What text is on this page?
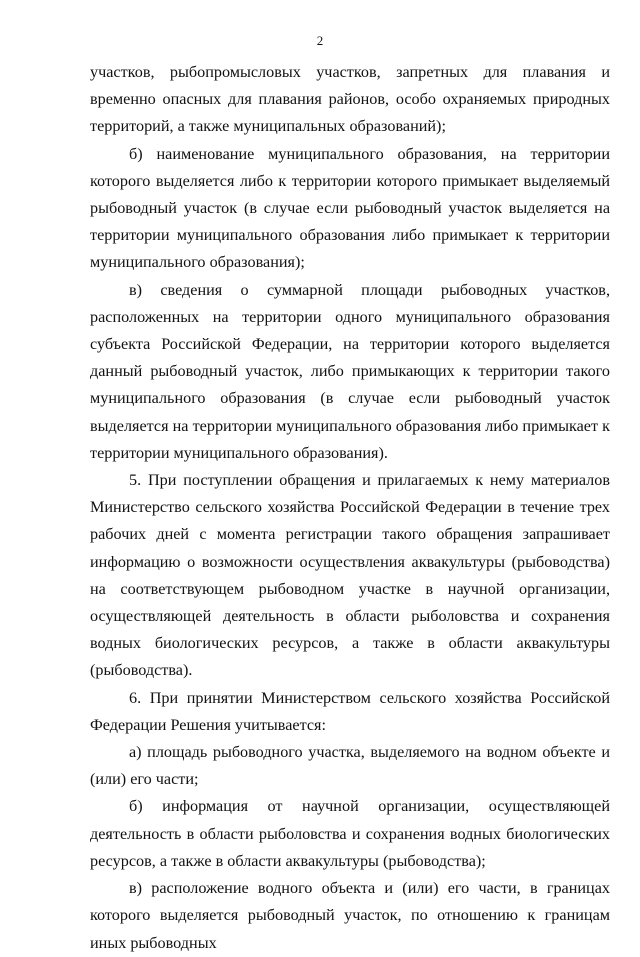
2

участков, рыбопромысловых участков, запретных для плавания и временно опасных для плавания районов, особо охраняемых природных территорий, а также муниципальных образований);

б) наименование муниципального образования, на территории которого выделяется либо к территории которого примыкает выделяемый рыбоводный участок (в случае если рыбоводный участок выделяется на территории муниципального образования либо примыкает к территории муниципального образования);

в) сведения о суммарной площади рыбоводных участков, расположенных на территории одного муниципального образования субъекта Российской Федерации, на территории которого выделяется данный рыбоводный участок, либо примыкающих к территории такого муниципального образования (в случае если рыбоводный участок выделяется на территории муниципального образования либо примыкает к территории муниципального образования).

5. При поступлении обращения и прилагаемых к нему материалов Министерство сельского хозяйства Российской Федерации в течение трех рабочих дней с момента регистрации такого обращения запрашивает информацию о возможности осуществления аквакультуры (рыбоводства) на соответствующем рыбоводном участке в научной организации, осуществляющей деятельность в области рыболовства и сохранения водных биологических ресурсов, а также в области аквакультуры (рыбоводства).

6. При принятии Министерством сельского хозяйства Российской Федерации Решения учитывается:

а) площадь рыбоводного участка, выделяемого на водном объекте и (или) его части;

б) информация от научной организации, осуществляющей деятельность в области рыболовства и сохранения водных биологических ресурсов, а также в области аквакультуры (рыбоводства);

в) расположение водного объекта и (или) его части, в границах которого выделяется рыбоводный участок, по отношению к границам иных рыбоводных
